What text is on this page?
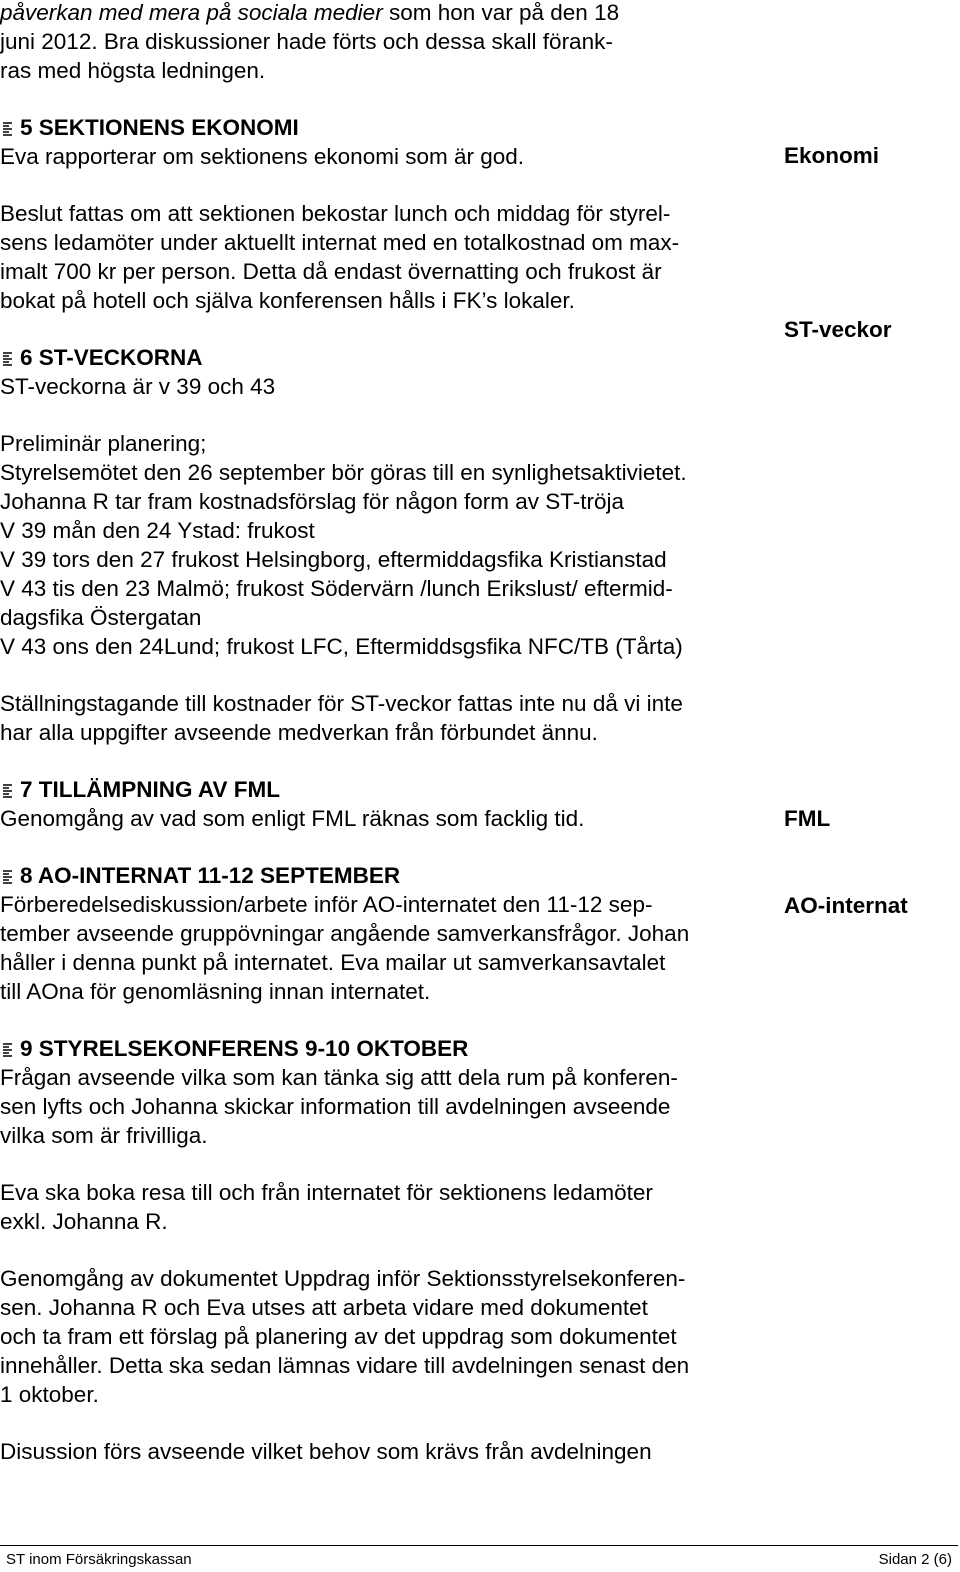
påverkan med mera på sociala medier som hon var på den 18
juni 2012. Bra diskussioner hade förts och dessa skall förank-
ras med högsta ledningen.
5 SEKTIONENS EKONOMI
Eva rapporterar om sektionens ekonomi som är god.
Beslut fattas om att sektionen bekostar lunch och middag för styrel-
sens ledamöter under aktuellt internat med en totalkostnad om max-
imalt 700 kr per person. Detta då endast övernatting och frukost är
bokat på hotell och själva konferensen hålls i FK’s lokaler.
6 ST-VECKORNA
ST-veckorna är v 39 och 43
Preliminär planering;
Styrelsemötet den 26 september bör göras till en synlighetsaktivietet.
Johanna R tar fram kostnadsförslag för någon form av ST-tröja
V 39 mån den 24 Ystad: frukost
V 39 tors den 27 frukost Helsingborg, eftermiddagsfika Kristianstad
V 43 tis den 23 Malmö; frukost Södervärn /lunch Erikslust/ eftermid-
dagsfika Östergatan
V 43 ons den 24Lund; frukost LFC, Eftermiddsgsfika NFC/TB (Tårta)
Ställningstagande till kostnader för ST-veckor fattas inte nu då vi inte
har alla uppgifter avseende medverkan från förbundet ännu.
7 TILLÄMPNING AV FML
Genomgång av vad som enligt FML räknas som facklig tid.
8 AO-INTERNAT 11-12 SEPTEMBER
Förberedelsediskussion/arbete inför AO-internatet den 11-12 sep-
tember avseende gruppövningar angående samverkansfrågor. Johan
håller i denna punkt på internatet. Eva mailar ut samverkansavtalet
till AOna för genomläsning innan internatet.
9 STYRELSEKONFERENS 9-10 OKTOBER
Frågan avseende vilka som kan tänka sig attt dela rum på konferen-
sen lyfts och Johanna skickar information till avdelningen avseende
vilka som är frivilliga.
Eva ska boka resa till och från internatet för sektionens ledamöter
exkl. Johanna R.
Genomgång av dokumentet Uppdrag inför Sektionsstyrelsekonferen-
sen. Johanna R och Eva utses att arbeta vidare med dokumentet
och ta fram ett förslag på planering av det uppdrag som dokumentet
innehåller. Detta ska sedan lämnas vidare till avdelningen senast den
1 oktober.
Disussion förs avseende vilket behov som krävs från avdelningen
Ekonomi
ST-veckor
FML
AO-internat
ST inom Försäkringskassan	Sidan 2 (6)
